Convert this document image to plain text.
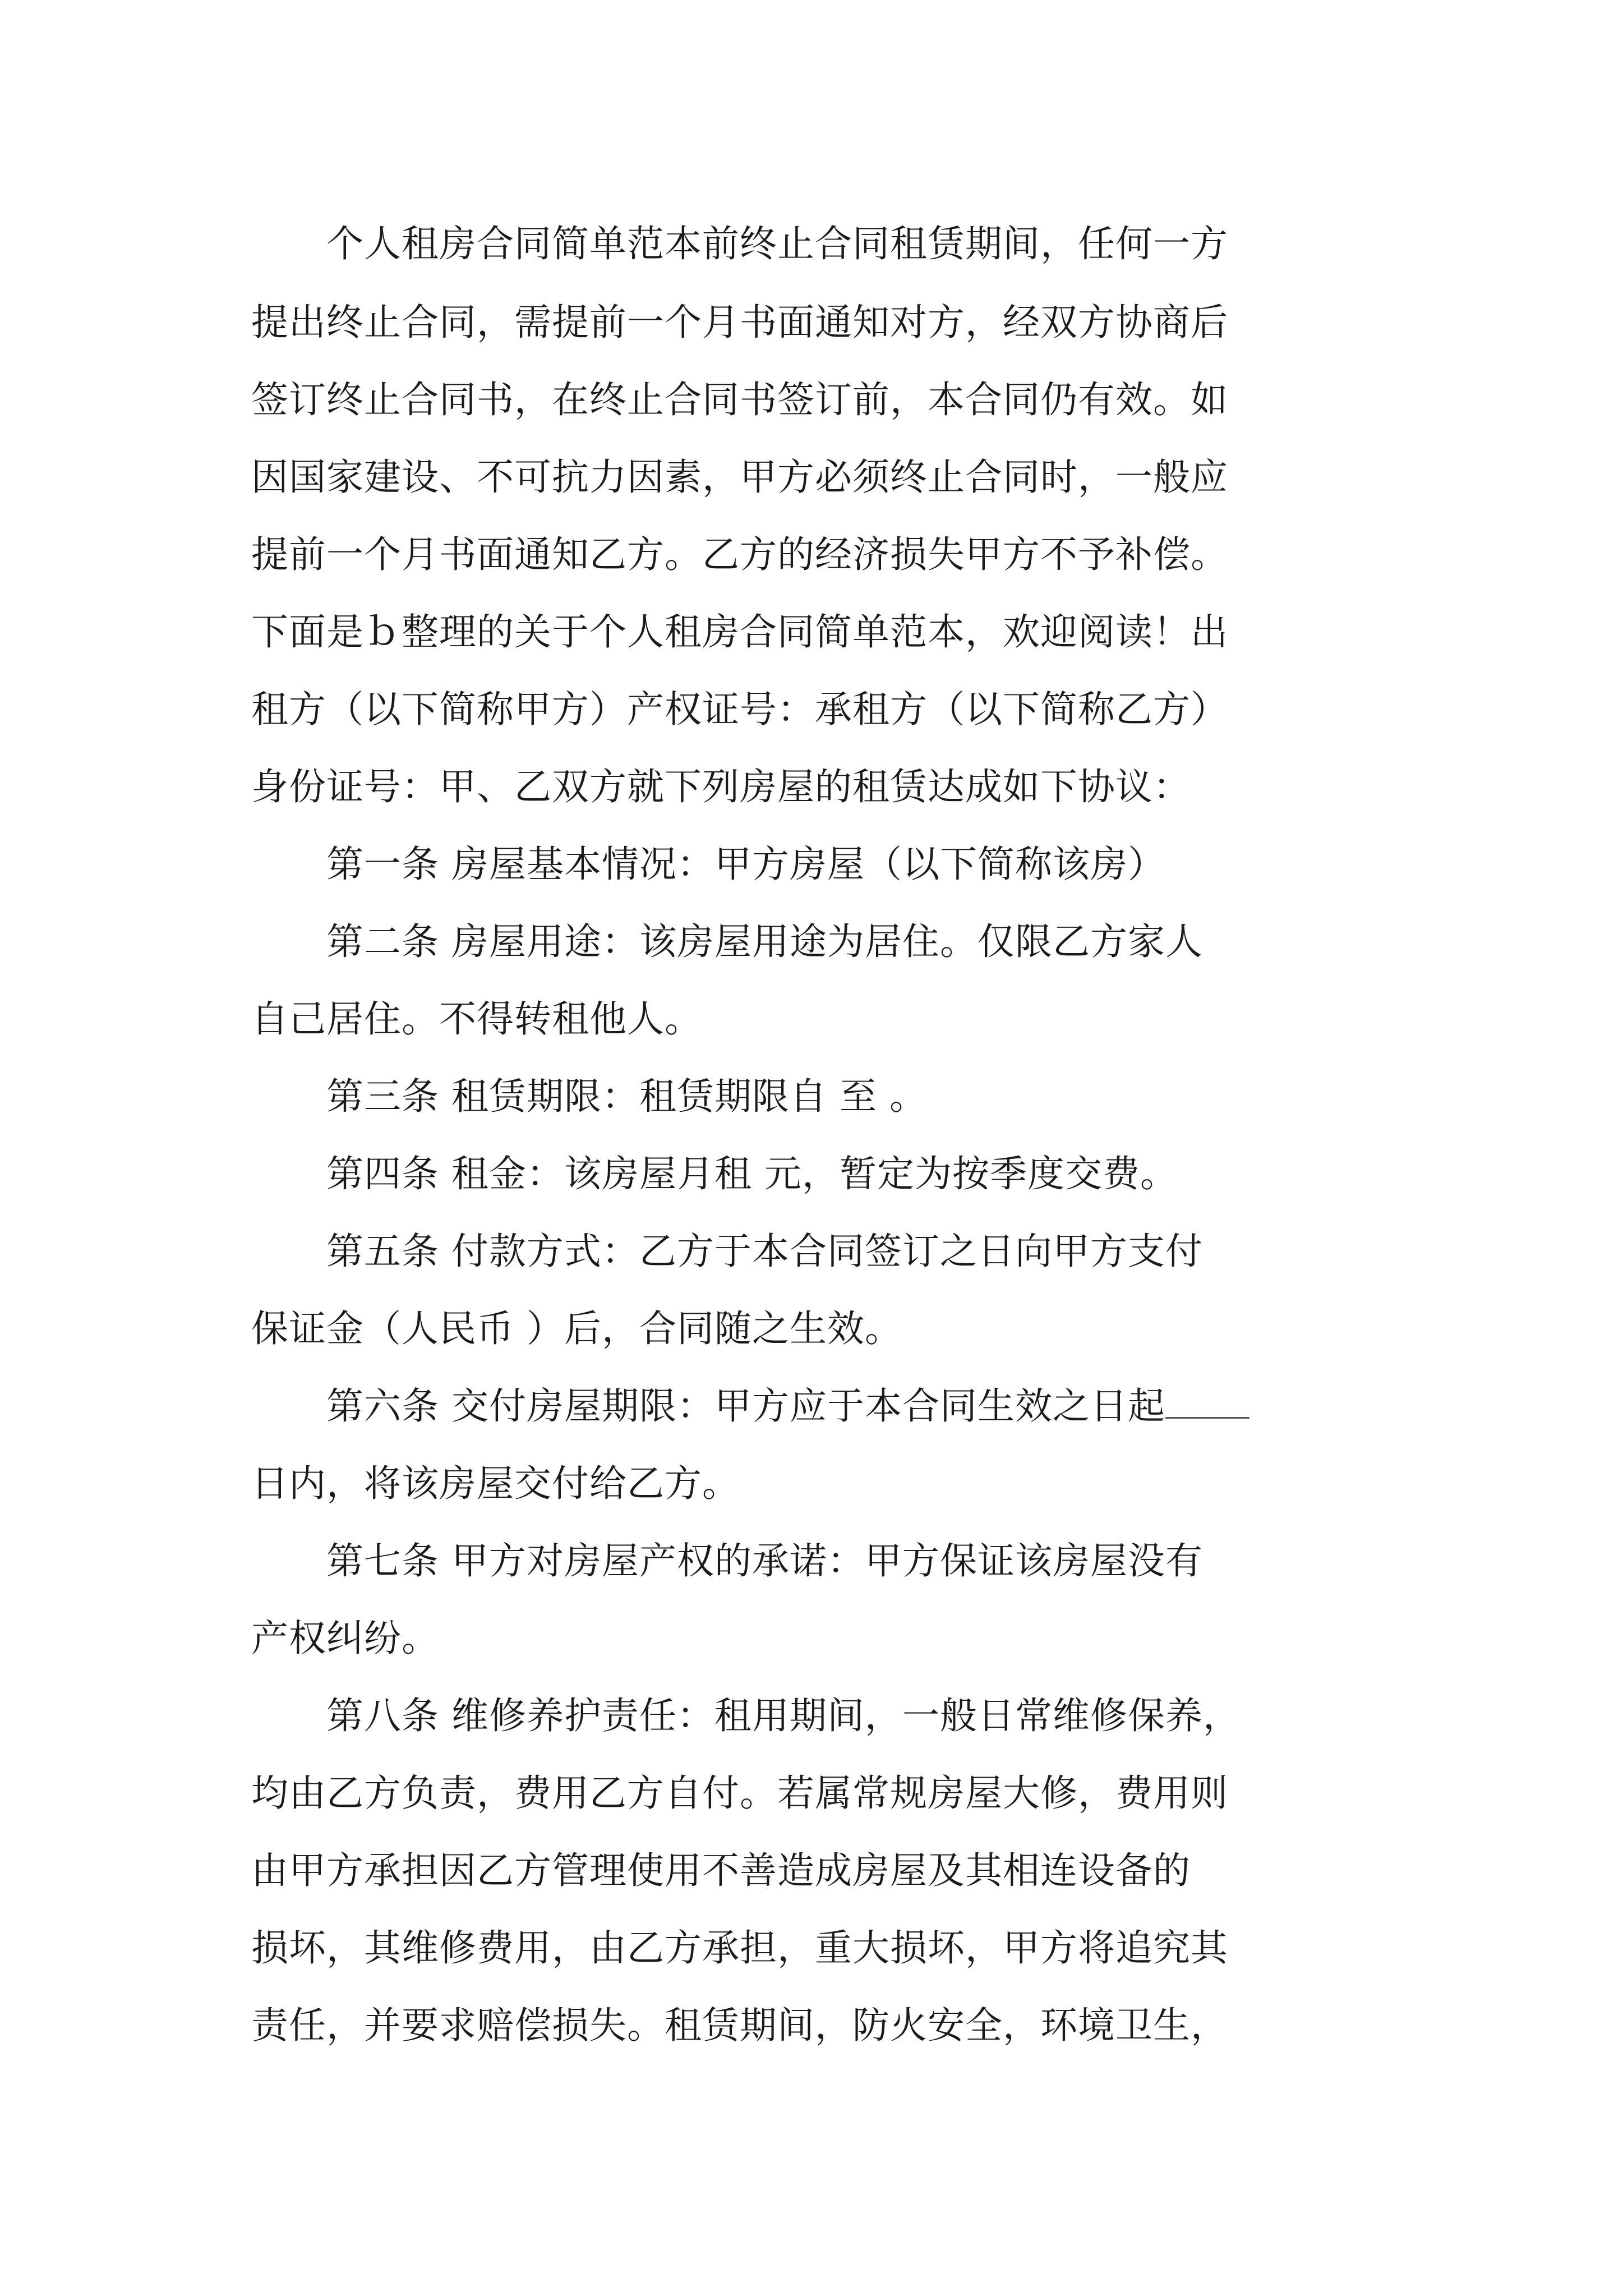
　　个人租房合同简单范本前终止合同租赁期间，任何一方
提出终止合同，需提前一个月书面通知对方，经双方协商后
签订终止合同书，在终止合同书签订前，本合同仍有效。如
因国家建设、不可抗力因素，甲方必须终止合同时，一般应
提前一个月书面通知乙方。乙方的经济损失甲方不予补偿。
下面是ｂ整理的关于个人租房合同简单范本，欢迎阅读！出
租方（以下简称甲方）产权证号：承租方（以下简称乙方）
身份证号：甲、乙双方就下列房屋的租赁达成如下协议：
　　第一条 房屋基本情况：甲方房屋（以下简称该房）
　　第二条 房屋用途：该房屋用途为居住。仅限乙方家人
自己居住。不得转租他人。
　　第三条 租赁期限：租赁期限自 至 。
　　第四条 租金：该房屋月租 元，暂定为按季度交费。
　　第五条 付款方式：乙方于本合同签订之日向甲方支付
保证金（人民币 ）后，合同随之生效。
　　第六条 交付房屋期限：甲方应于本合同生效之日起
日内，将该房屋交付给乙方。
　　第七条 甲方对房屋产权的承诺：甲方保证该房屋没有
产权纠纷。
　　第八条 维修养护责任：租用期间，一般日常维修保养，
均由乙方负责，费用乙方自付。若属常规房屋大修，费用则
由甲方承担因乙方管理使用不善造成房屋及其相连设备的
损坏，其维修费用，由乙方承担，重大损坏，甲方将追究其
责任，并要求赔偿损失。租赁期间，防火安全，环境卫生，
